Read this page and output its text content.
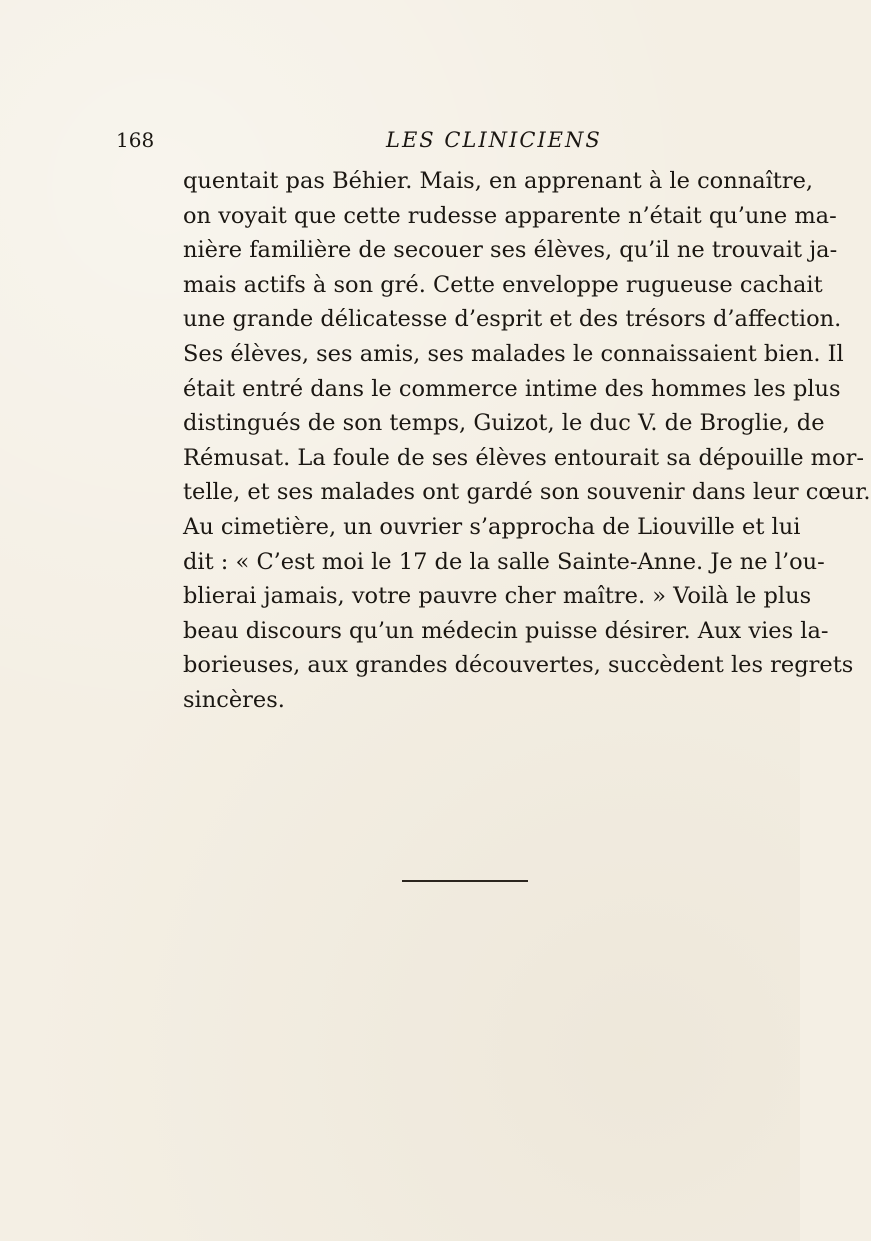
168	LES CLINICIENS
quentait pas Béhier. Mais, en apprenant à le connaître,
on voyait que cette rudesse apparente n’était qu’une ma-
nière familière de secouer ses élèves, qu’il ne trouvait ja-
mais actifs à son gré. Cette enveloppe rugueuse cachait
une grande délicatesse d’esprit et des trésors d’affection.
Ses élèves, ses amis, ses malades le connaissaient bien. Il
était entré dans le commerce intime des hommes les plus
distingués de son temps, Guizot, le duc V. de Broglie, de
Rémusat. La foule de ses élèves entourait sa dépouille mor-
telle, et ses malades ont gardé son souvenir dans leur cœur.
Au cimetière, un ouvrier s’approcha de Liouville et lui
dit : « C’est moi le 17 de la salle Sainte-Anne. Je ne l’ou-
blierai jamais, votre pauvre cher maître. » Voilà le plus
beau discours qu’un médecin puisse désirer. Aux vies la-
borieuses, aux grandes découvertes, succèdent les regrets
sincères.
